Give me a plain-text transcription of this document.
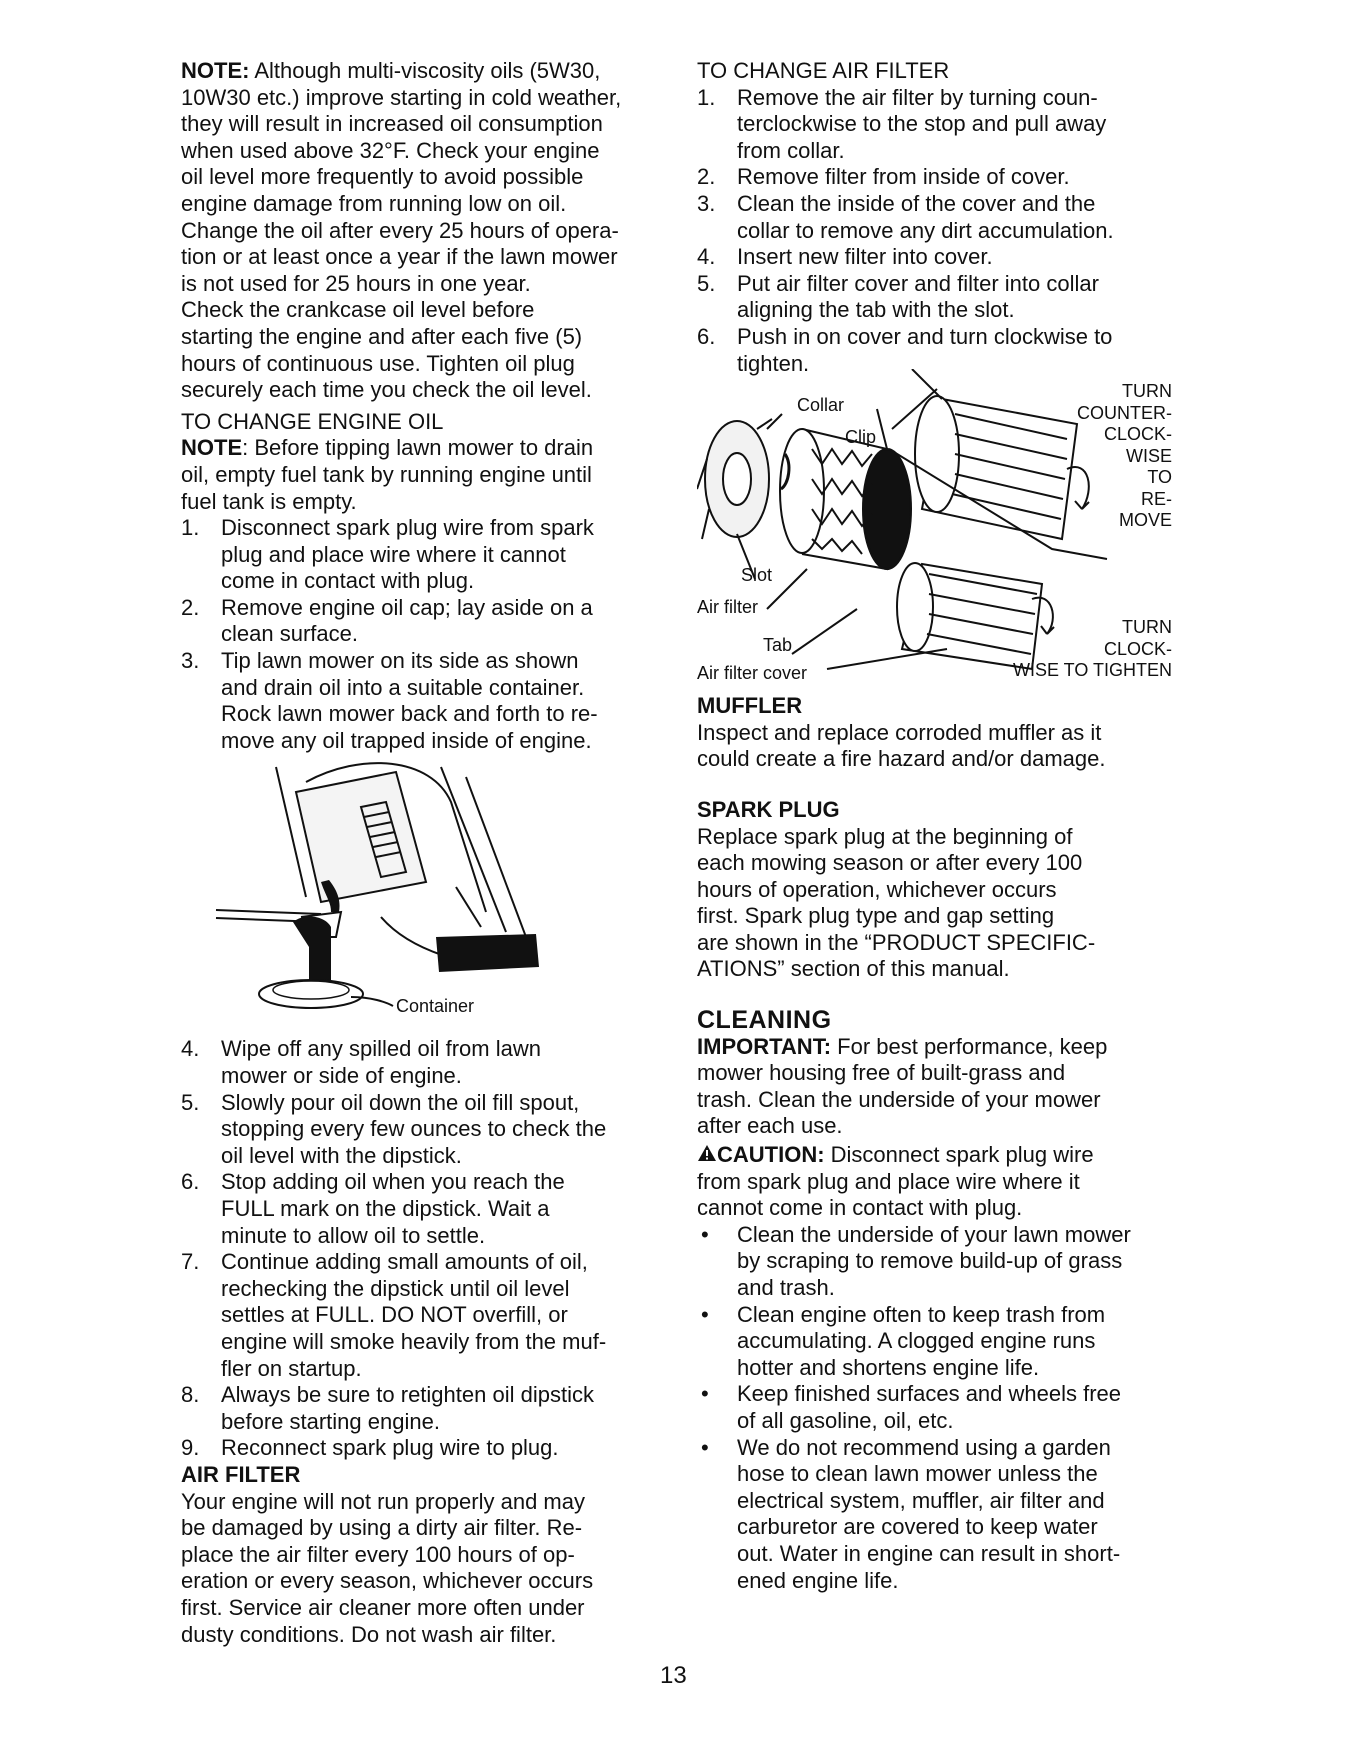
NOTE: Although multi-viscosity oils (5W30,
10W30 etc.) improve starting in cold weather,
they will result in increased oil consumption
when used above 32°F. Check your engine
oil level more frequently to avoid possible
engine damage from running low on oil.
Change the oil after every 25 hours of opera-
tion or at least once a year if the lawn mower
is not used for 25 hours in one year.
Check the crankcase oil level before
starting the engine and after each five (5)
hours of continuous use. Tighten oil plug
securely each time you check the oil level.

TO CHANGE ENGINE OIL

NOTE: Before tipping lawn mower to drain
oil, empty fuel tank by running engine until
fuel tank is empty.

1. Disconnect spark plug wire from spark
plug and place wire where it cannot
come in contact with plug.
2. Remove engine oil cap; lay aside on a
clean surface.
3. Tip lawn mower on its side as shown
and drain oil into a suitable container.
Rock lawn mower back and forth to re-
move any oil trapped inside of engine.
Container
4. Wipe off any spilled oil from lawn
mower or side of engine.
5. Slowly pour oil down the oil fill spout,
stopping every few ounces to check the
oil level with the dipstick.
6. Stop adding oil when you reach the
FULL mark on the dipstick. Wait a
minute to allow oil to settle.
7. Continue adding small amounts of oil,
rechecking the dipstick until oil level
settles at FULL. DO NOT overfill, or
engine will smoke heavily from the muf-
fler on startup.
8. Always be sure to retighten oil dipstick
before starting engine.
9. Reconnect spark plug wire to plug.

AIR FILTER

Your engine will not run properly and may
be damaged by using a dirty air filter. Re-
place the air filter every 100 hours of op-
eration or every season, whichever occurs
first. Service air cleaner more often under
dusty conditions. Do not wash air filter.

TO CHANGE AIR FILTER

1. Remove the air filter by turning coun-
terclockwise to the stop and pull away
from collar.
2. Remove filter from inside of cover.
3. Clean the inside of the cover and the
collar to remove any dirt accumulation.
4. Insert new filter into cover.
5. Put air filter cover and filter into collar
aligning the tab with the slot.
6. Push in on cover and turn clockwise to
tighten.
Collar
Clip
Slot
Air filter
Tab
Air filter cover
TURN
COUNTER-
CLOCK-
WISE
TO
RE-
MOVE
TURN
CLOCK-
WISE TO TIGHTEN

MUFFLER

Inspect and replace corroded muffler as it
could create a fire hazard and/or damage.

SPARK PLUG

Replace spark plug at the beginning of
each mowing season or after every 100
hours of operation, whichever occurs
first. Spark plug type and gap setting
are shown in the “PRODUCT SPECIFIC-
ATIONS” section of this manual.

CLEANING

IMPORTANT: For best performance, keep
mower housing free of built-grass and
trash. Clean the underside of your mower
after each use.

CAUTION: Disconnect spark plug wire
from spark plug and place wire where it
cannot come in contact with plug.

• Clean the underside of your lawn mower
by scraping to remove build-up of grass
and trash.
• Clean engine often to keep trash from
accumulating. A clogged engine runs
hotter and shortens engine life.
• Keep finished surfaces and wheels free
of all gasoline, oil, etc.
• We do not recommend using a garden
hose to clean lawn mower unless the
electrical system, muffler, air filter and
carburetor are covered to keep water
out. Water in engine can result in short-
ened engine life.
13
